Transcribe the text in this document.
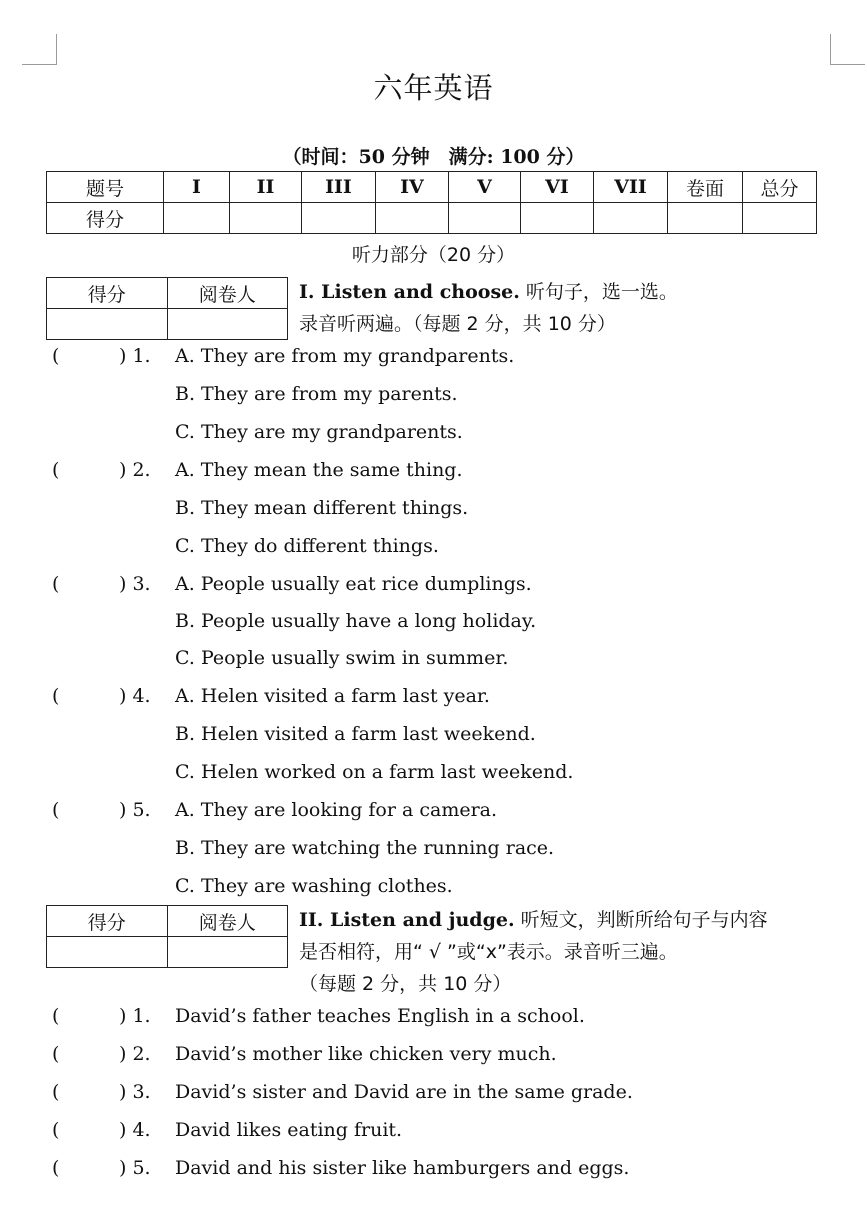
六年英语
（时间：50 分钟　满分: 100 分）
题号	I	II	III	IV	V	VI	VII	卷面	总分
得分									
听力部分（20 分）
得分	阅卷人
	I. Listen and choose. 听句子，选一选。
录音听两遍。（每题 2 分，共 10 分）
(	) 1. A. They are from my grandparents.
B. They are from my parents.
C. They are my grandparents.
(	) 2. A. They mean the same thing.
B. They mean different things.
C. They do different things.
(	) 3. A. People usually eat rice dumplings.
B. People usually have a long holiday.
C. People usually swim in summer.
(	) 4. A. Helen visited a farm last year.
B. Helen visited a farm last weekend.
C. Helen worked on a farm last weekend.
(	) 5. A. They are looking for a camera.
B. They are watching the running race.
C. They are washing clothes.
得分	阅卷人
	II. Listen and judge. 听短文，判断所给句子与内容
是否相符，用“ √ ”或“x”表示。录音听三遍。
（每题 2 分，共 10 分）
(	) 1. David’s father teaches English in a school.
(	) 2. David’s mother like chicken very much.
(	) 3. David’s sister and David are in the same grade.
(	) 4. David likes eating fruit.
(	) 5. David and his sister like hamburgers and eggs.
